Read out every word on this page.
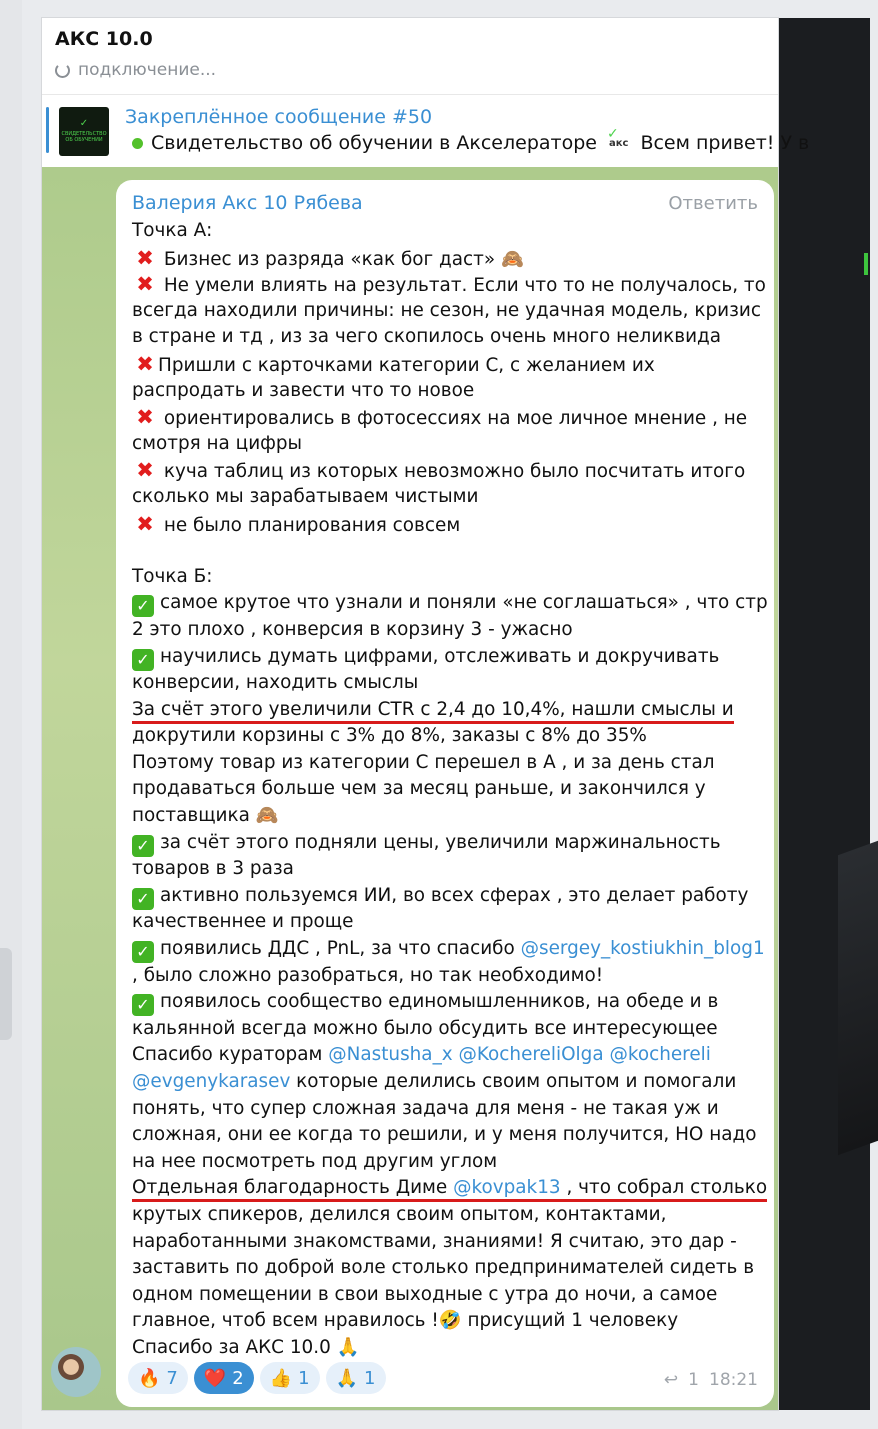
АКС 10.0
подключение...
✓
СВИДЕТЕЛЬСТВО ОБ ОБУЧЕНИИ
Закреплённое сообщение #50
Свидетельство об обучении в Акселераторе
✓	акс Всем привет! У в
Валерия Акс 10 Рябева	Ответить
Точка А:
✖ Бизнес из разряда «как бог даст» 🙈
✖ Не умели влиять на результат. Если что то не получалось, то
всегда находили причины: не сезон, не удачная модель, кризис
в стране и тд , из за чего скопилось очень много неликвида
✖ Пришли с карточками категории С, с желанием их
распродать и завести что то новое
✖ ориентировались в фотосессиях на мое личное мнение , не
смотря на цифры
✖ куча таблиц из которых невозможно было посчитать итого
сколько мы зарабатываем чистыми
✖ не было планирования совсем
Точка Б:
✓ самое крутое что узнали и поняли «не соглашаться» , что стр
2 это плохо , конверсия в корзину 3 - ужасно
✓ научились думать цифрами, отслеживать и докручивать
конверсии, находить смыслы
За счёт этого увеличили CTR с 2,4 до 10,4%, нашли смыслы и
докрутили корзины с 3% до 8%, заказы с 8% до 35%
Поэтому товар из категории С перешел в А , и за день стал
продаваться больше чем за месяц раньше, и закончился у
поставщика 🙈
✓ за счёт этого подняли цены, увеличили маржинальность
товаров в 3 раза
✓ активно пользуемся ИИ, во всех сферах , это делает работу
качественнее и проще
✓ появились ДДС , PnL, за что спасибо @sergey_kostiukhin_blog1
, было сложно разобраться, но так необходимо!
✓ появилось сообщество единомышленников, на обеде и в
кальянной всегда можно было обсудить все интересующее
Спасибо кураторам @Nastusha_x @KochereliOlga @kochereli
@evgenykarasev которые делились своим опытом и помогали
понять, что супер сложная задача для меня - не такая уж и
сложная, они ее когда то решили, и у меня получится, НО надо
на нее посмотреть под другим углом
Отдельная благодарность Диме @kovpak13 , что собрал столько
крутых спикеров, делился своим опытом, контактами,
наработанными знакомствами, знаниями! Я считаю, это дар -
заставить по доброй воле столько предпринимателей сидеть в
одном помещении в свои выходные с утра до ночи, а самое
главное, чтоб всем нравилось !🤣 присущий 1 человеку
Спасибо за АКС 10.0 🙏
🔥 7 ❤️ 2 👍 1 🙏 1	↩ 1 18:21
